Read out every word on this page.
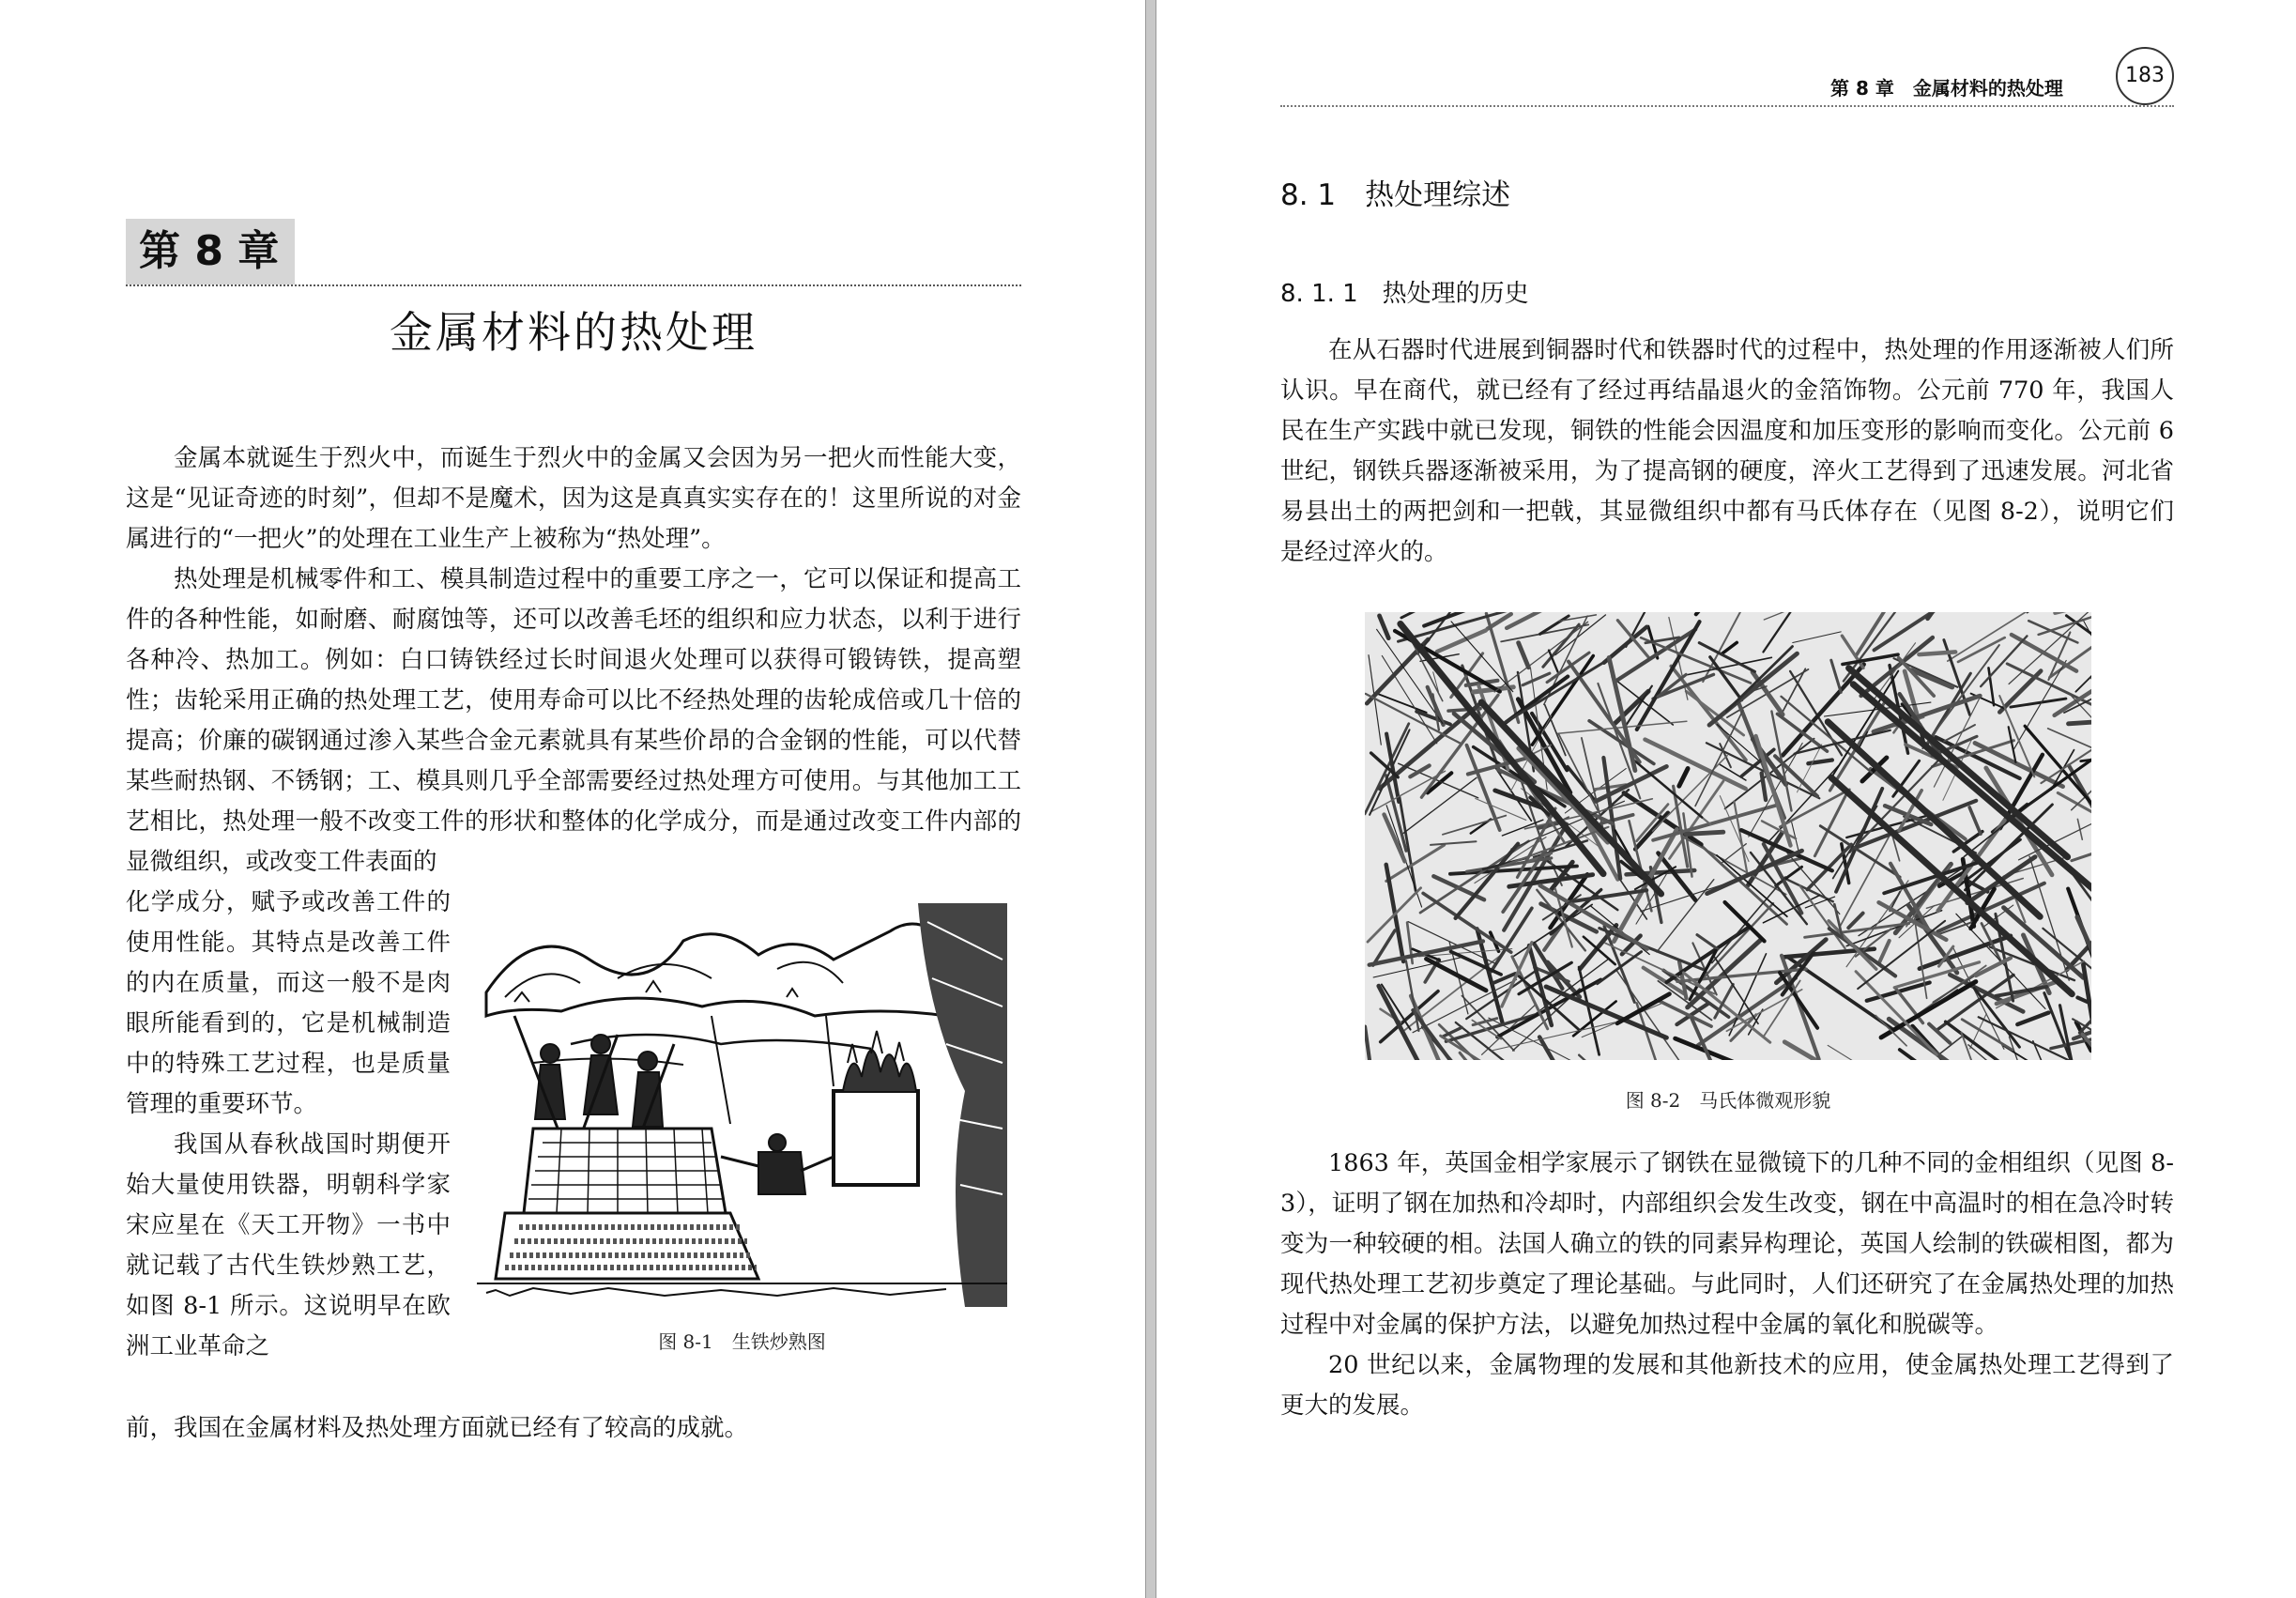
第 8 章
金属材料的热处理

金属本就诞生于烈火中，而诞生于烈火中的金属又会因为另一把火而性能大变，这是“见证奇迹的时刻”，但却不是魔术，因为这是真真实实存在的！这里所说的对金属进行的“一把火”的处理在工业生产上被称为“热处理”。

热处理是机械零件和工、模具制造过程中的重要工序之一，它可以保证和提高工件的各种性能，如耐磨、耐腐蚀等，还可以改善毛坯的组织和应力状态，以利于进行各种冷、热加工。例如：白口铸铁经过长时间退火处理可以获得可锻铸铁，提高塑性；齿轮采用正确的热处理工艺，使用寿命可以比不经热处理的齿轮成倍或几十倍的提高；价廉的碳钢通过渗入某些合金元素就具有某些价昂的合金钢的性能，可以代替某些耐热钢、不锈钢；工、模具则几乎全部需要经过热处理方可使用。与其他加工工艺相比，热处理一般不改变工件的形状和整体的化学成分，而是通过改变工件内部的显微组织，或改变工件表面的

化学成分，赋予或改善工件的使用性能。其特点是改善工件的内在质量，而这一般不是肉眼所能看到的，它是机械制造中的特殊工艺过程，也是质量管理的重要环节。

我国从春秋战国时期便开始大量使用铁器，明朝科学家宋应星在《天工开物》一书中就记载了古代生铁炒熟工艺，如图 8-1 所示。这说明早在欧洲工业革命之

前，我国在金属材料及热处理方面就已经有了较高的成就。

图 8-1　生铁炒熟图
第 8 章　金属材料的热处理
183
8. 1　热处理综述
8. 1. 1　热处理的历史

在从石器时代进展到铜器时代和铁器时代的过程中，热处理的作用逐渐被人们所认识。早在商代，就已经有了经过再结晶退火的金箔饰物。公元前 770 年，我国人民在生产实践中就已发现，铜铁的性能会因温度和加压变形的影响而变化。公元前 6 世纪，钢铁兵器逐渐被采用，为了提高钢的硬度，淬火工艺得到了迅速发展。河北省易县出土的两把剑和一把戟，其显微组织中都有马氏体存在（见图 8-2），说明它们是经过淬火的。

图 8-2　马氏体微观形貌

1863 年，英国金相学家展示了钢铁在显微镜下的几种不同的金相组织（见图 8-3），证明了钢在加热和冷却时，内部组织会发生改变，钢在中高温时的相在急冷时转变为一种较硬的相。法国人确立的铁的同素异构理论，英国人绘制的铁碳相图，都为现代热处理工艺初步奠定了理论基础。与此同时，人们还研究了在金属热处理的加热过程中对金属的保护方法，以避免加热过程中金属的氧化和脱碳等。

20 世纪以来，金属物理的发展和其他新技术的应用，使金属热处理工艺得到了更大的发展。
